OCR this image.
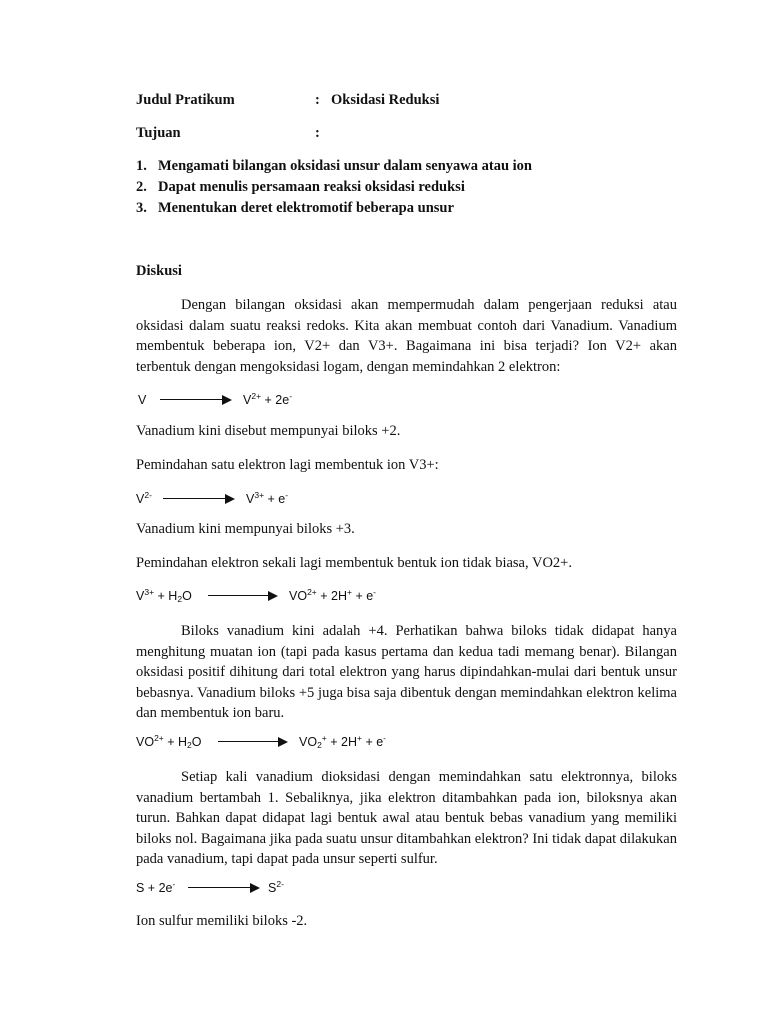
Judul Pratikum	: Oksidasi Reduksi
Tujuan	:
1. Mengamati bilangan oksidasi unsur dalam senyawa atau ion
2. Dapat menulis persamaan reaksi oksidasi reduksi
3. Menentukan deret elektromotif beberapa unsur
Diskusi
Dengan bilangan oksidasi akan mempermudah dalam pengerjaan reduksi atau
oksidasi dalam suatu reaksi redoks. Kita akan membuat contoh dari Vanadium. Vanadium
membentuk beberapa ion, V2+ dan V3+. Bagaimana ini bisa terjadi? Ion V2+ akan
terbentuk dengan mengoksidasi logam, dengan memindahkan 2 elektron:
V	$V^{2+} + 2e^-$
Vanadium kini disebut mempunyai biloks +2.
Pemindahan satu elektron lagi membentuk ion V3+:
$V^{2-}$	$V^{3+} + e^-$
Vanadium kini mempunyai biloks +3.
Pemindahan elektron sekali lagi membentuk bentuk ion tidak biasa, VO2+.
$V^{3+} + H_2O$	$VO^{2+} + 2H^+ + e^-$
Biloks vanadium kini adalah +4. Perhatikan bahwa biloks tidak didapat hanya
menghitung muatan ion (tapi pada kasus pertama dan kedua tadi memang benar). Bilangan
oksidasi positif dihitung dari total elektron yang harus dipindahkan-mulai dari bentuk unsur
bebasnya. Vanadium biloks +5 juga bisa saja dibentuk dengan memindahkan elektron kelima
dan membentuk ion baru.
$VO^{2+} + H_2O$	$VO_2^+ + 2H^+ + e^-$
Setiap kali vanadium dioksidasi dengan memindahkan satu elektronnya, biloks
vanadium bertambah 1. Sebaliknya, jika elektron ditambahkan pada ion, biloksnya akan
turun. Bahkan dapat didapat lagi bentuk awal atau bentuk bebas vanadium yang memiliki
biloks nol. Bagaimana jika pada suatu unsur ditambahkan elektron? Ini tidak dapat dilakukan
pada vanadium, tapi dapat pada unsur seperti sulfur.
S + 2e-	$S^{2-}$
Ion sulfur memiliki biloks -2.
